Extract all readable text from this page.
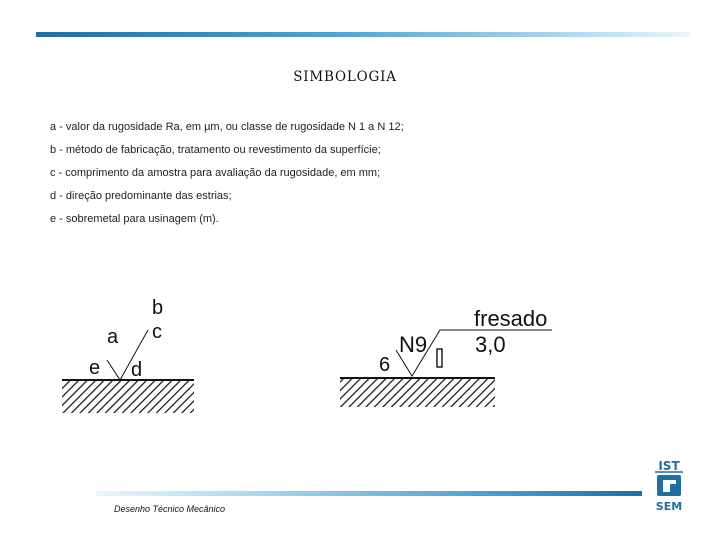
SIMBOLOGIA
a - valor da rugosidade Ra, em µm, ou classe de rugosidade N 1 a N 12;
b - método de fabricação, tratamento ou revestimento da superfície;
c - comprimento da amostra para avaliação da rugosidade, em mm;
d - direção predominante das estrias;
e - sobremetal para usinagem (m).
a
b
c
d
e	6
N9
fresado
3,0
Desenho Técnico Mecânico
IST
SEM
